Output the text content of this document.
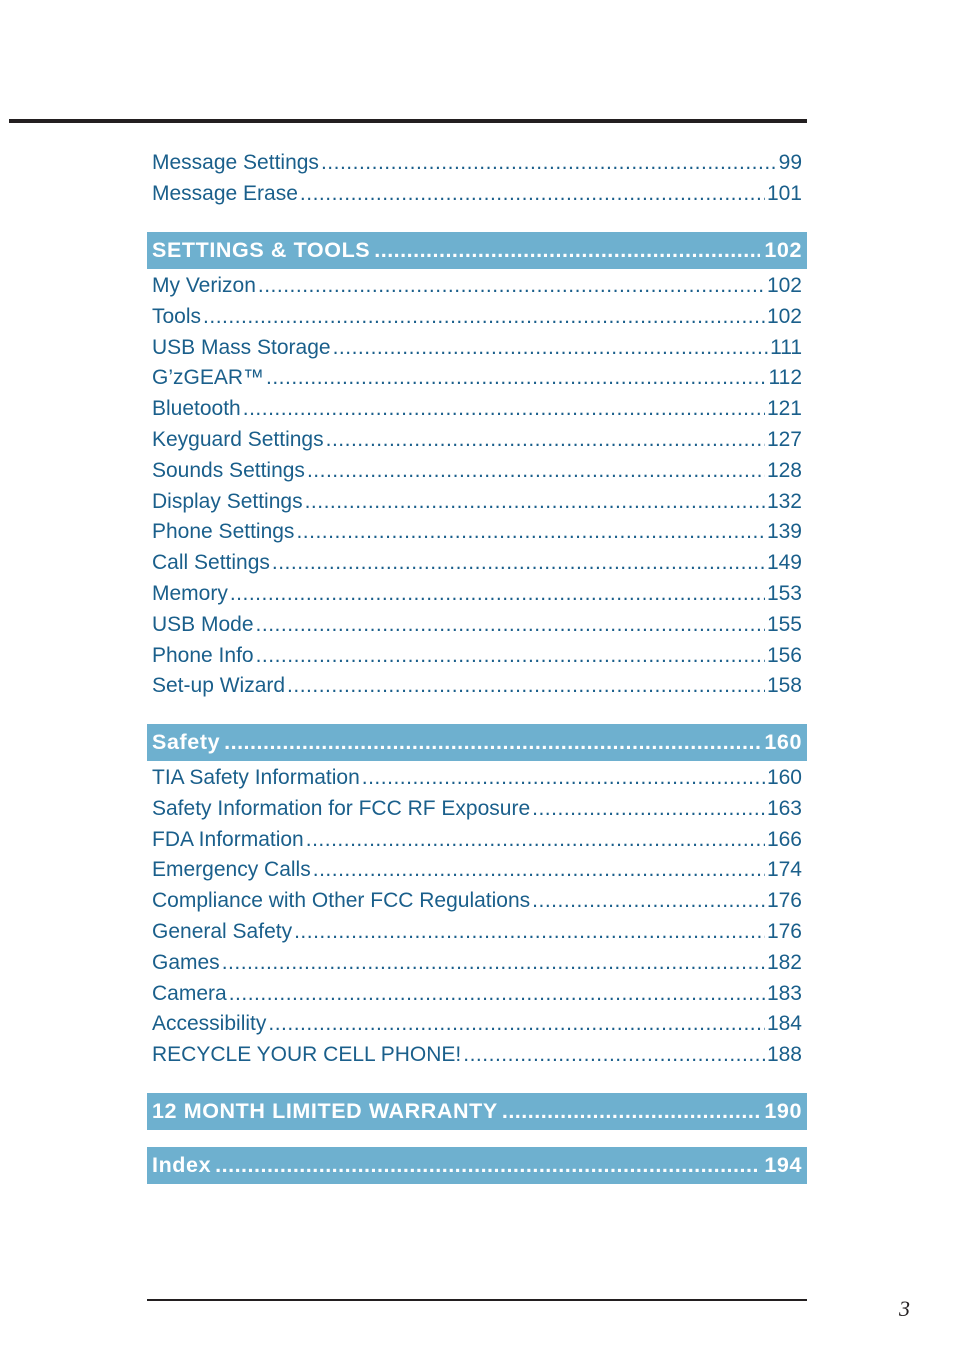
Message Settings .....	99
Message Erase .....	101
SETTINGS & TOOLS .....	102
My Verizon .....	102
Tools .....	102
USB Mass Storage .....	111
G’zGEAR™ .....	112
Bluetooth .....	121
Keyguard Settings .....	127
Sounds Settings .....	128
Display Settings .....	132
Phone Settings .....	139
Call Settings .....	149
Memory .....	153
USB Mode .....	155
Phone Info .....	156
Set-up Wizard .....	158
Safety .....	160
TIA Safety Information .....	160
Safety Information for FCC RF Exposure .....	163
FDA Information .....	166
Emergency Calls .....	174
Compliance with Other FCC Regulations .....	176
General Safety .....	176
Games .....	182
Camera .....	183
Accessibility .....	184
RECYCLE YOUR CELL PHONE! .....	188
12 MONTH LIMITED WARRANTY .....	190
Index .....	194
3
